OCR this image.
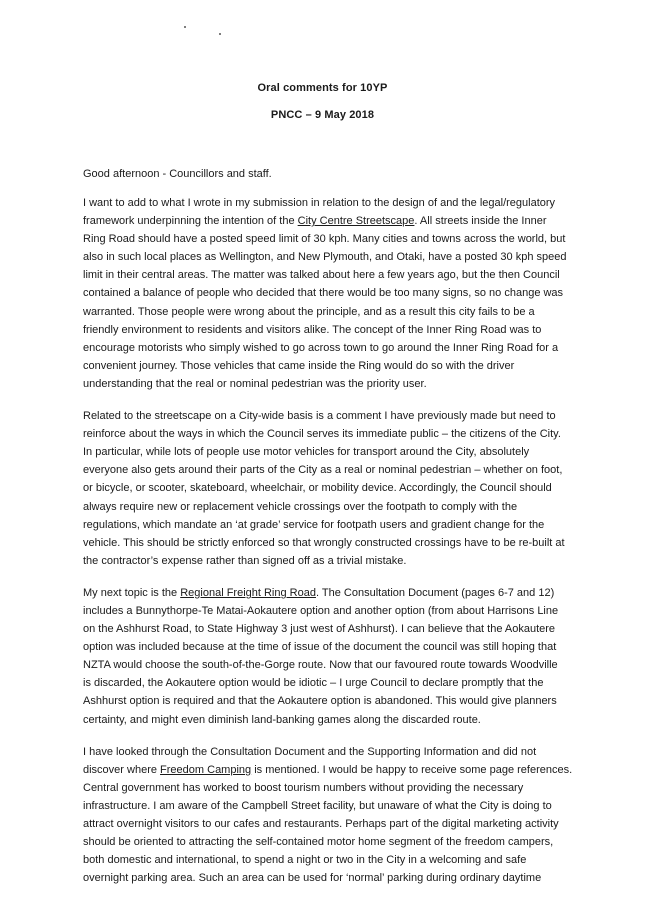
Oral comments for 10YP
PNCC – 9 May 2018
Good afternoon - Councillors and staff.
I want to add to what I wrote in my submission in relation to the design of and the legal/regulatory
framework underpinning the intention of the City Centre Streetscape. All streets inside the Inner
Ring Road should have a posted speed limit of 30 kph. Many cities and towns across the world, but
also in such local places as Wellington, and New Plymouth, and Otaki, have a posted 30 kph speed
limit in their central areas. The matter was talked about here a few years ago, but the then Council
contained a balance of people who decided that there would be too many signs, so no change was
warranted. Those people were wrong about the principle, and as a result this city fails to be a
friendly environment to residents and visitors alike. The concept of the Inner Ring Road was to
encourage motorists who simply wished to go across town to go around the Inner Ring Road for a
convenient journey. Those vehicles that came inside the Ring would do so with the driver
understanding that the real or nominal pedestrian was the priority user.
Related to the streetscape on a City-wide basis is a comment I have previously made but need to
reinforce about the ways in which the Council serves its immediate public – the citizens of the City.
In particular, while lots of people use motor vehicles for transport around the City, absolutely
everyone also gets around their parts of the City as a real or nominal pedestrian – whether on foot,
or bicycle, or scooter, skateboard, wheelchair, or mobility device. Accordingly, the Council should
always require new or replacement vehicle crossings over the footpath to comply with the
regulations, which mandate an ‘at grade’ service for footpath users and gradient change for the
vehicle. This should be strictly enforced so that wrongly constructed crossings have to be re-built at
the contractor’s expense rather than signed off as a trivial mistake.
My next topic is the Regional Freight Ring Road. The Consultation Document (pages 6-7 and 12)
includes a Bunnythorpe-Te Matai-Aokautere option and another option (from about Harrisons Line
on the Ashhurst Road, to State Highway 3 just west of Ashhurst). I can believe that the Aokautere
option was included because at the time of issue of the document the council was still hoping that
NZTA would choose the south-of-the-Gorge route. Now that our favoured route towards Woodville
is discarded, the Aokautere option would be idiotic – I urge Council to declare promptly that the
Ashhurst option is required and that the Aokautere option is abandoned. This would give planners
certainty, and might even diminish land-banking games along the discarded route.
I have looked through the Consultation Document and the Supporting Information and did not
discover where Freedom Camping is mentioned. I would be happy to receive some page references.
Central government has worked to boost tourism numbers without providing the necessary
infrastructure. I am aware of the Campbell Street facility, but unaware of what the City is doing to
attract overnight visitors to our cafes and restaurants. Perhaps part of the digital marketing activity
should be oriented to attracting the self-contained motor home segment of the freedom campers,
both domestic and international, to spend a night or two in the City in a welcoming and safe
overnight parking area. Such an area can be used for ‘normal’ parking during ordinary daytime
